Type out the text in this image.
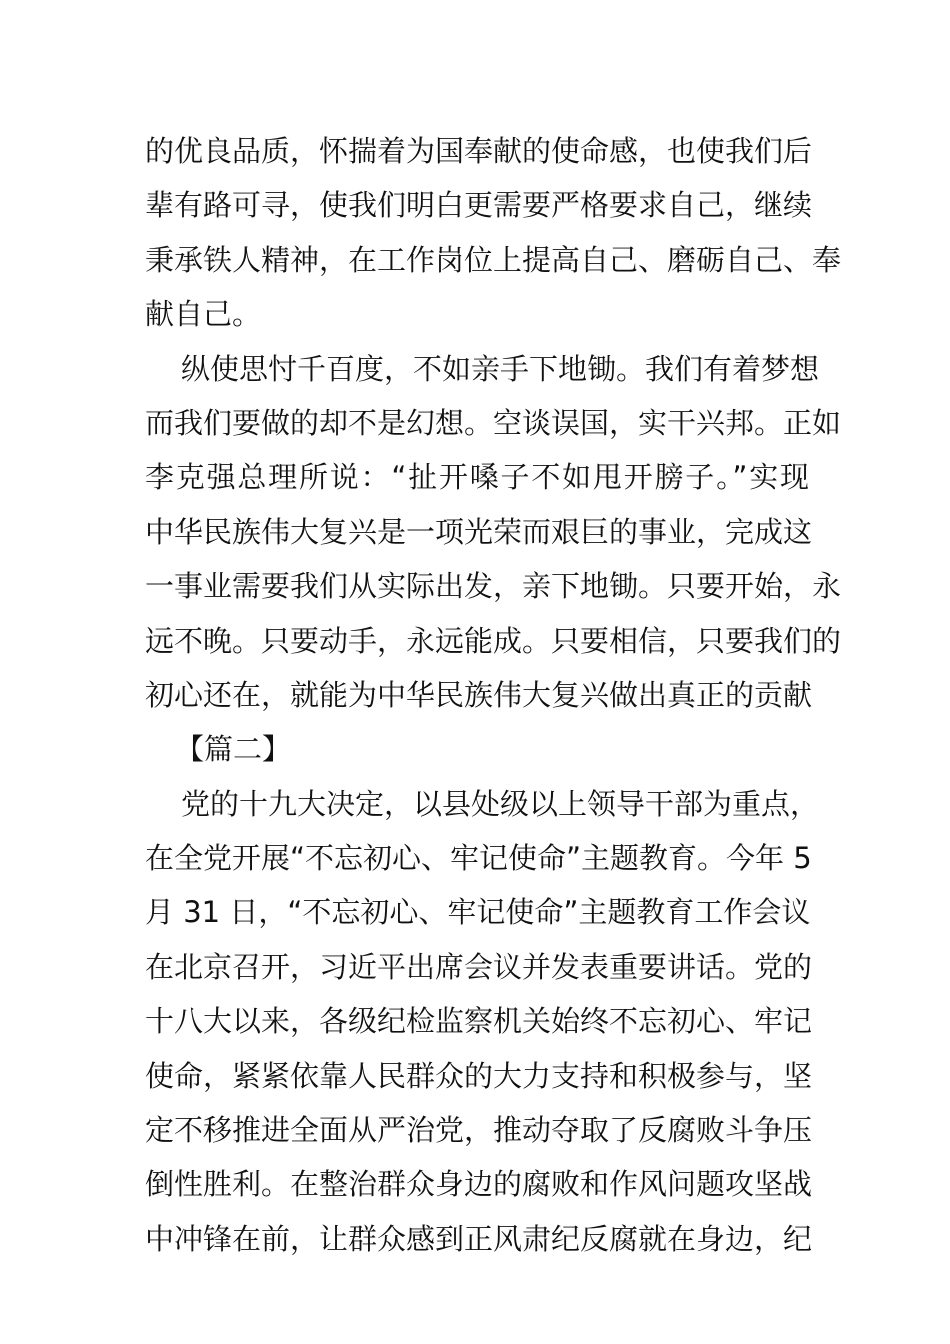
的优良品质，怀揣着为国奉献的使命感，也使我们后
辈有路可寻，使我们明白更需要严格要求自己，继续
秉承铁人精神，在工作岗位上提高自己、磨砺自己、奉
献自己。
纵使思忖千百度，不如亲手下地锄。我们有着梦想
而我们要做的却不是幻想。空谈误国，实干兴邦。正如
李克强总理所说：“扯开嗓子不如甩开膀子。”实现
中华民族伟大复兴是一项光荣而艰巨的事业，完成这
一事业需要我们从实际出发，亲下地锄。只要开始，永
远不晚。只要动手，永远能成。只要相信，只要我们的
初心还在，就能为中华民族伟大复兴做出真正的贡献
【篇二】
党的十九大决定，以县处级以上领导干部为重点，
在全党开展“不忘初心、牢记使命”主题教育。今年 5
月 31 日，“不忘初心、牢记使命”主题教育工作会议
在北京召开，习近平出席会议并发表重要讲话。党的
十八大以来，各级纪检监察机关始终不忘初心、牢记
使命，紧紧依靠人民群众的大力支持和积极参与，坚
定不移推进全面从严治党，推动夺取了反腐败斗争压
倒性胜利。在整治群众身边的腐败和作风问题攻坚战
中冲锋在前，让群众感到正风肃纪反腐就在身边，纪
